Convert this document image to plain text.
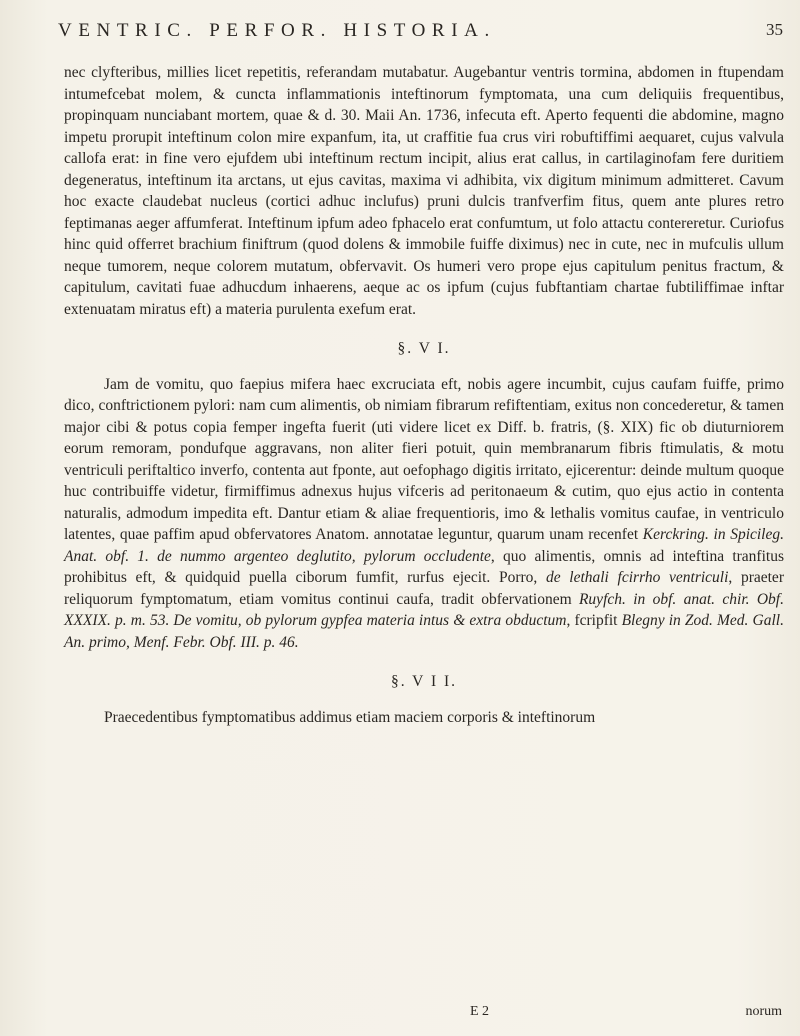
VENTRIC. PERFOR. HISTORIA.	35

nec clyfteribus, millies licet repetitis, referandam mutabatur. Augebantur ventris tormina, abdomen in ftupendam intumefcebat molem, & cuncta inflammationis inteftinorum fymptomata, una cum deliquiis frequentibus, propinquam nunciabant mortem, quae & d. 30. Maii An. 1736, infecuta eft. Aperto fequenti die abdomine, magno impetu prorupit inteftinum colon mire expanfum, ita, ut craffitie fua crus viri robuftiffimi aequaret, cujus valvula callofa erat: in fine vero ejufdem ubi inteftinum rectum incipit, alius erat callus, in cartilaginofam fere duritiem degeneratus, inteftinum ita arctans, ut ejus cavitas, maxima vi adhibita, vix digitum minimum admitteret. Cavum hoc exacte claudebat nucleus (cortici adhuc inclufus) pruni dulcis tranfverfim fitus, quem ante plures retro feptimanas aeger affumferat. Inteftinum ipfum adeo fphacelo erat confumtum, ut folo attactu contereretur. Curiofus hinc quid offerret brachium finiftrum (quod dolens & immobile fuiffe diximus) nec in cute, nec in mufculis ullum neque tumorem, neque colorem mutatum, obfervavit. Os humeri vero prope ejus capitulum penitus fractum, & capitulum, cavitati fuae adhucdum inhaerens, aeque ac os ipfum (cujus fubftantiam chartae fubtiliffimae inftar extenuatam miratus eft) a materia purulenta exefum erat.

§. V I.

Jam de vomitu, quo faepius mifera haec excruciata eft, nobis agere incumbit, cujus caufam fuiffe, primo dico, conftrictionem pylori: nam cum alimentis, ob nimiam fibrarum refiftentiam, exitus non concederetur, & tamen major cibi & potus copia femper ingefta fuerit (uti videre licet ex Diff. b. fratris, (§. XIX) fic ob diuturniorem eorum remoram, pondufque aggravans, non aliter fieri potuit, quin membranarum fibris ftimulatis, & motu ventriculi periftaltico inverfo, contenta aut fponte, aut oefophago digitis irritato, ejicerentur: deinde multum quoque huc contribuiffe videtur, firmiffimus adnexus hujus vifceris ad peritonaeum & cutim, quo ejus actio in contenta naturalis, admodum impedita eft. Dantur etiam & aliae frequentioris, imo & lethalis vomitus caufae, in ventriculo latentes, quae paffim apud obfervatores Anatom. annotatae leguntur, quarum unam recenfet Kerckring. in Spicileg. Anat. obf. 1. de nummo argenteo deglutito, pylorum occludente, quo alimentis, omnis ad inteftina tranfitus prohibitus eft, & quidquid puella ciborum fumfit, rurfus ejecit. Porro, de lethali fcirrho ventriculi, praeter reliquorum fymptomatum, etiam vomitus continui caufa, tradit obfervationem Ruyfch. in obf. anat. chir. Obf. XXXIX. p. m. 53. De vomitu, ob pylorum gypfea materia intus & extra obductum, fcripfit Blegny in Zod. Med. Gall. An. primo, Menf. Febr. Obf. III. p. 46.

§. V I I.

Praecedentibus fymptomatibus addimus etiam maciem corporis & inteftinorum

E 2	norum
